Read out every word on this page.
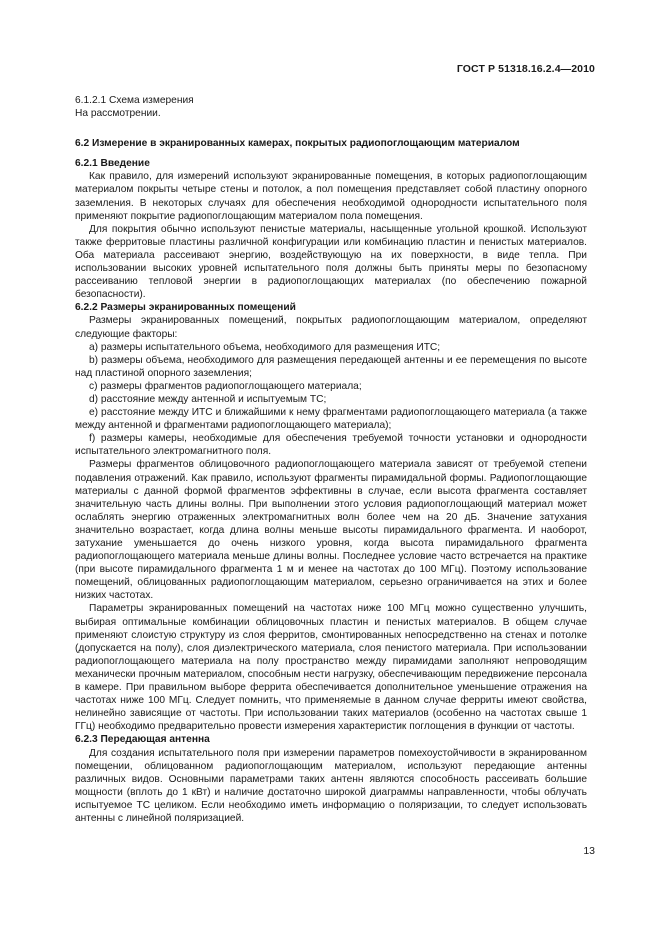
ГОСТ Р 51318.16.2.4—2010

6.1.2.1 Схема измерения

На рассмотрении.

6.2 Измерение в экранированных камерах, покрытых радиопоглощающим материалом

6.2.1 Введение

Как правило, для измерений используют экранированные помещения, в которых радиопоглощающим материалом покрыты четыре стены и потолок, а пол помещения представляет собой пластину опорного заземления. В некоторых случаях для обеспечения необходимой однородности испытательного поля применяют покрытие радиопоглощающим материалом пола помещения.

Для покрытия обычно используют пенистые материалы, насыщенные угольной крошкой. Используют также ферритовые пластины различной конфигурации или комбинацию пластин и пенистых материалов. Оба материала рассеивают энергию, воздействующую на их поверхности, в виде тепла. При использовании высоких уровней испытательного поля должны быть приняты меры по безопасному рассеиванию тепловой энергии в радиопоглощающих материалах (по обеспечению пожарной безопасности).

6.2.2 Размеры экранированных помещений

Размеры экранированных помещений, покрытых радиопоглощающим материалом, определяют следующие факторы:

a) размеры испытательного объема, необходимого для размещения ИТС;

b) размеры объема, необходимого для размещения передающей антенны и ее перемещения по высоте над пластиной опорного заземления;

c) размеры фрагментов радиопоглощающего материала;

d) расстояние между антенной и испытуемым ТС;

e) расстояние между ИТС и ближайшими к нему фрагментами радиопоглощающего материала (а также между антенной и фрагментами радиопоглощающего материала);

f) размеры камеры, необходимые для обеспечения требуемой точности установки и однородности испытательного электромагнитного поля.

Размеры фрагментов облицовочного радиопоглощающего материала зависят от требуемой степени подавления отражений. Как правило, используют фрагменты пирамидальной формы. Радиопоглощающие материалы с данной формой фрагментов эффективны в случае, если высота фрагмента составляет значительную часть длины волны. При выполнении этого условия радиопоглощающий материал может ослаблять энергию отраженных электромагнитных волн более чем на 20 дБ. Значение затухания значительно возрастает, когда длина волны меньше высоты пирамидального фрагмента. И наоборот, затухание уменьшается до очень низкого уровня, когда высота пирамидального фрагмента радиопоглощающего материала меньше длины волны. Последнее условие часто встречается на практике (при высоте пирамидального фрагмента 1 м и менее на частотах до 100 МГц). Поэтому использование помещений, облицованных радиопоглощающим материалом, серьезно ограничивается на этих и более низких частотах.

Параметры экранированных помещений на частотах ниже 100 МГц можно существенно улучшить, выбирая оптимальные комбинации облицовочных пластин и пенистых материалов. В общем случае применяют слоистую структуру из слоя ферритов, смонтированных непосредственно на стенах и потолке (допускается на полу), слоя диэлектрического материала, слоя пенистого материала. При использовании радиопоглощающего материала на полу пространство между пирамидами заполняют непроводящим механически прочным материалом, способным нести нагрузку, обеспечивающим передвижение персонала в камере. При правильном выборе феррита обеспечивается дополнительное уменьшение отражения на частотах ниже 100 МГц. Следует помнить, что применяемые в данном случае ферриты имеют свойства, нелинейно зависящие от частоты. При использовании таких материалов (особенно на частотах свыше 1 ГГц) необходимо предварительно провести измерения характеристик поглощения в функции от частоты.

6.2.3 Передающая антенна

Для создания испытательного поля при измерении параметров помехоустойчивости в экранированном помещении, облицованном радиопоглощающим материалом, используют передающие антенны различных видов. Основными параметрами таких антенн являются способность рассеивать большие мощности (вплоть до 1 кВт) и наличие достаточно широкой диаграммы направленности, чтобы облучать испытуемое ТС целиком. Если необходимо иметь информацию о поляризации, то следует использовать антенны с линейной поляризацией.

13
